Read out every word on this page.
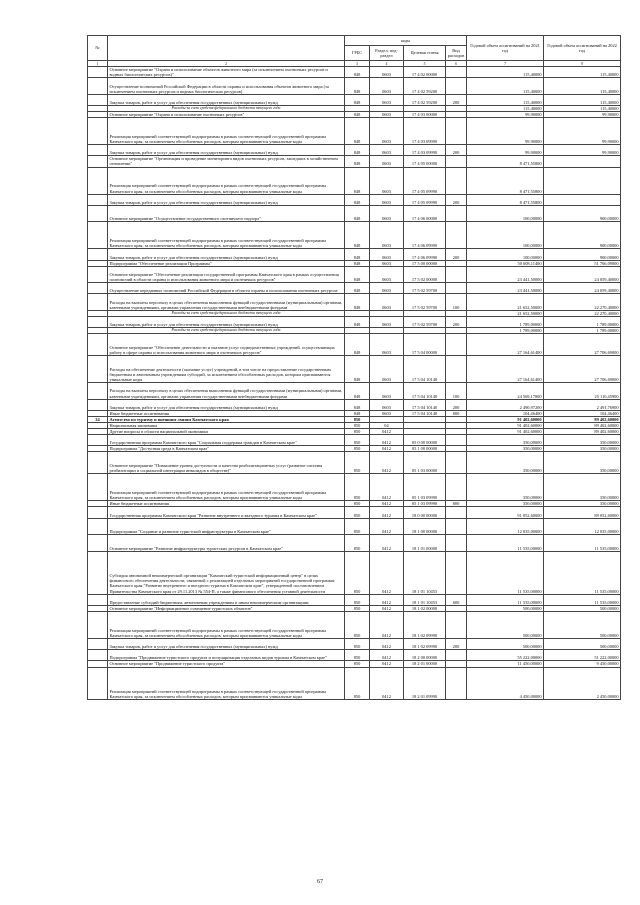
№		коды				Годовой объем ассигнований на 2021 год	Годовой объем ассигнований на 2022 год
		ГРБС	Раздел, под-раздел	Целевая статья	Вид расходов		
1	2	3	4	5	6	7	8
	Основное мероприятие "Охрана и использование объектов животного мира (за исключением охотничьих ресурсов и водных биологических ресурсов)"	848	0603	17 4 02 00000		115,40000	115,40000
	Осуществление полномочий Российской Федерации в области охраны и использования объектов животного мира (за исключением охотничьих ресурсов и водных биологических ресурсов)	848	0603	17 4 02 59200		115,40000	115,40000
	Закупка товаров, работ и услуг для обеспечения государственных (муниципальных) нужд	848	0603	17 4 02 59200	200	115,40000	115,40000
	Расходы за счет средств федерального бюджета текущего года					115,40000	115,40000
	Основное мероприятие "Охрана и использование охотничьих ресурсов"	848	0603	17 4 03 00000		99,90000	99,90000
	Реализация мероприятий соответствующей подпрограммы в рамках соответствующей государственной программы Камчатского края, за исключением обособленных расходов, которым присваиваются уникальные коды	848	0603	17 4 03 09990		99,90000	99,90000
	Закупка товаров, работ и услуг для обеспечения государственных (муниципальных) нужд	848	0603	17 4 03 09990	200	99,90000	99,90000
	Основное мероприятие "Организация и проведение мониторинга видов охотничьих ресурсов, зашедших в хозяйственном отношении"	848	0603	17 4 05 00000		8 471,55800	
	Реализация мероприятий соответствующей подпрограммы в рамках соответствующей государственной программы Камчатского края, за исключением обособленных расходов, которым присваиваются уникальные коды	848	0603	17 4 05 09990		8 471,55800	
	Закупка товаров, работ и услуг для обеспечения государственных (муниципальных) нужд	848	0603	17 4 05 09990	200	8 471,55800	
	Основное мероприятие "Осуществление государственного охотничьего надзора"	848	0603	17 4 06 00000		100,00000	900,00000
	Реализация мероприятий соответствующей подпрограммы в рамках соответствующей государственной программы Камчатского края, за исключением обособленных расходов, которым присваиваются уникальные коды	848	0603	17 4 06 09990		100,00000	900,00000
	Закупка товаров, работ и услуг для обеспечения государственных (муниципальных) нужд	848	0603	17 4 06 09990	200	100,00000	900,00000
	Подпрограмма "Обеспечение реализации Программы"	848	0603	17 5 00 00000		50 608,11400	51 766,09000
	Основное мероприятие "Обеспечение реализации государственной программы Камчатского края в рамках осуществления полномочий в области охраны и использования животного мира и охотничьих ресурсов"	848	0603	17 5 02 00000		23 441,50000	24 059,40000
	Осуществление переданных полномочий Российской Федерации в области охраны и использования охотничьих ресурсов	848	0603	17 5 02 59700		23 441,50000	24 059,40000
	Расходы на выплаты персоналу в целях обеспечения выполнения функций государственными (муниципальными) органами, казенными учреждениями, органами управления государственными внебюджетными фондами	848	0603	17 5 02 59700	100	21 652,50000	22 270,40000
	Расходы за счет средств федерального бюджета текущего года					21 652,50000	22 270,40000
	Закупка товаров, работ и услуг для обеспечения государственных (муниципальных) нужд	848	0603	17 5 02 59700	200	1 789,00000	1 789,00000
	Расходы за счет средств федерального бюджета текущего года					1 789,00000	1 789,00000
	Основное мероприятие "Обеспечение деятельности и оказание услуг подведомственных учреждений, осуществляющих работу в сфере охраны и использования животного мира и охотничьих ресурсов"	848	0603	17 5 04 00000		27 164,61400	27 706,69000
	Расходы на обеспечение деятельности (оказание услуг) учреждений, в том числе на предоставление государственным бюджетным и автономным учреждениям субсидий, за исключением обособленных расходов, которым присваиваются уникальные коды	848	0603	17 5 04 10140		27 164,61400	27 706,69000
	Расходы на выплаты персоналу в целях обеспечения выполнения функций государственными (муниципальными) органами, казенными учреждениями, органами управления государственными внебюджетными фондами	848	0603	17 5 04 10140	100	24 569,17800	25 110,45900
	Закупка товаров, работ и услуг для обеспечения государственных (муниципальных) нужд	848	0603	17 5 04 10140	200	2 490,97200	2 491,76900
	Иные бюджетные ассигнования	848	0603	17 5 04 10140	800	104,46400	104,46400
34	Агентство по туризму и внешним связям Камчатского края	850				91 402,60000	89 402,60000
	Национальная экономика	850	04			91 402,60000	89 402,60000
	Другие вопросы в области национальной экономики	850	0412			91 402,60000	89 402,60000
	Государственная программа Камчатского края "Социальная поддержка граждан в Камчатском крае"	850	0412	05 0 00 00000		350,00000	350,00000
	Подпрограмма "Доступная среда в Камчатском крае"	850	0412	05 1 00 00000		350,00000	350,00000
	Основное мероприятие "Повышение уровня доступности и качества реабилитационных услуг (развитие системы реабилитации и социальной интеграции инвалидов в обществе)"	850	0412	05 1 03 00000		350,00000	350,00000
	Реализация мероприятий соответствующей подпрограммы в рамках соответствующей государственной программы Камчатского края, за исключением обособленных расходов, которым присваиваются уникальные коды	850	0412	05 1 03 09990		350,00000	350,00000
	Иные бюджетные ассигнования	850	0412	05 1 03 09990	800	350,00000	350,00000
	Государственная программа Камчатского края "Развитие внутреннего и въездного туризма в Камчатском крае"	850	0412	18 0 00 00000		91 052,60000	89 052,60000
	Подпрограмма "Создание и развитие туристской инфраструктуры в Камчатском крае"	850	0412	18 1 00 00000		12 035,00000	12 035,00000
	Основное мероприятие "Развитие инфраструктуры туристских ресурсов в Камчатском крае"	850	0412	18 1 01 00000		11 535,00000	11 535,00000
	Субсидия автономной некоммерческой организации "Камчатский туристский информационный центр" в целях финансового обеспечения деятельности, связанной с реализацией отдельных мероприятий государственной программы Камчатского края "Развитие внутреннего и въездного туризма в Камчатском крае", утвержденной постановлением Правительства Камчатского края от 29.11.2013 № 554-П, а также финансового обеспечения уставной деятельности	850	0412	18 1 01 10453		11 535,00000	11 535,00000
	Предоставление субсидий бюджетным, автономным учреждениям и иным некоммерческим организациям	850	0412	18 1 01 10453	600	11 535,00000	11 535,00000
	Основное мероприятие "Информационное освещение туристских объектов"	850	0412	18 1 02 00000		500,00000	500,00000
	Реализация мероприятий соответствующей подпрограммы в рамках соответствующей государственной программы Камчатского края, за исключением обособленных расходов, которым присваиваются уникальные коды	850	0412	18 1 02 09990		500,00000	500,00000
	Закупка товаров, работ и услуг для обеспечения государственных (муниципальных) нужд	850	0412	18 1 02 09990	200	500,00000	500,00000
	Подпрограмма "Продвижение туристского продукта и популяризация отдельных видов туризма в Камчатском крае"	850	0412	18 2 00 00000		55 222,00000	51 222,00000
	Основное мероприятие "Продвижение туристского продукта"	850	0412	18 2 01 00000		11 450,00000	9 450,00000
	Реализация мероприятий соответствующей подпрограммы в рамках соответствующей государственной программы Камчатского края, за исключением обособленных расходов, которым присваиваются уникальные коды	850	0412	18 2 01 09990		4 450,00000	2 450,00000
67
